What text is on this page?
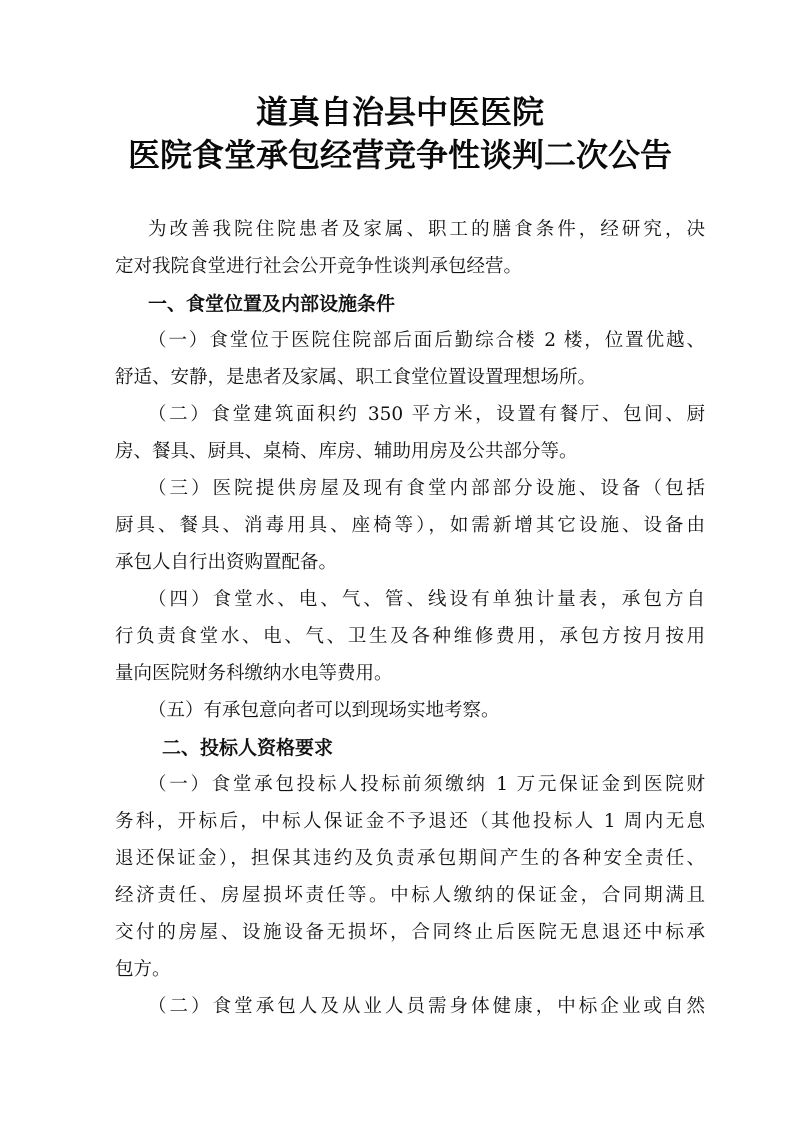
道真自治县中医医院
医院食堂承包经营竞争性谈判二次公告
为改善我院住院患者及家属、职工的膳食条件，经研究，决
定对我院食堂进行社会公开竞争性谈判承包经营。
一、食堂位置及内部设施条件
（一）食堂位于医院住院部后面后勤综合楼 2 楼，位置优越、
舒适、安静，是患者及家属、职工食堂位置设置理想场所。
（二）食堂建筑面积约 350 平方米，设置有餐厅、包间、厨
房、餐具、厨具、桌椅、库房、辅助用房及公共部分等。
（三）医院提供房屋及现有食堂内部部分设施、设备（包括
厨具、餐具、消毒用具、座椅等），如需新增其它设施、设备由
承包人自行出资购置配备。
（四）食堂水、电、气、管、线设有单独计量表，承包方自
行负责食堂水、电、气、卫生及各种维修费用，承包方按月按用
量向医院财务科缴纳水电等费用。
（五）有承包意向者可以到现场实地考察。
二、投标人资格要求
（一）食堂承包投标人投标前须缴纳 1 万元保证金到医院财
务科，开标后，中标人保证金不予退还（其他投标人 1 周内无息
退还保证金），担保其违约及负责承包期间产生的各种安全责任、
经济责任、房屋损坏责任等。中标人缴纳的保证金，合同期满且
交付的房屋、设施设备无损坏，合同终止后医院无息退还中标承
包方。
（二）食堂承包人及从业人员需身体健康，中标企业或自然
